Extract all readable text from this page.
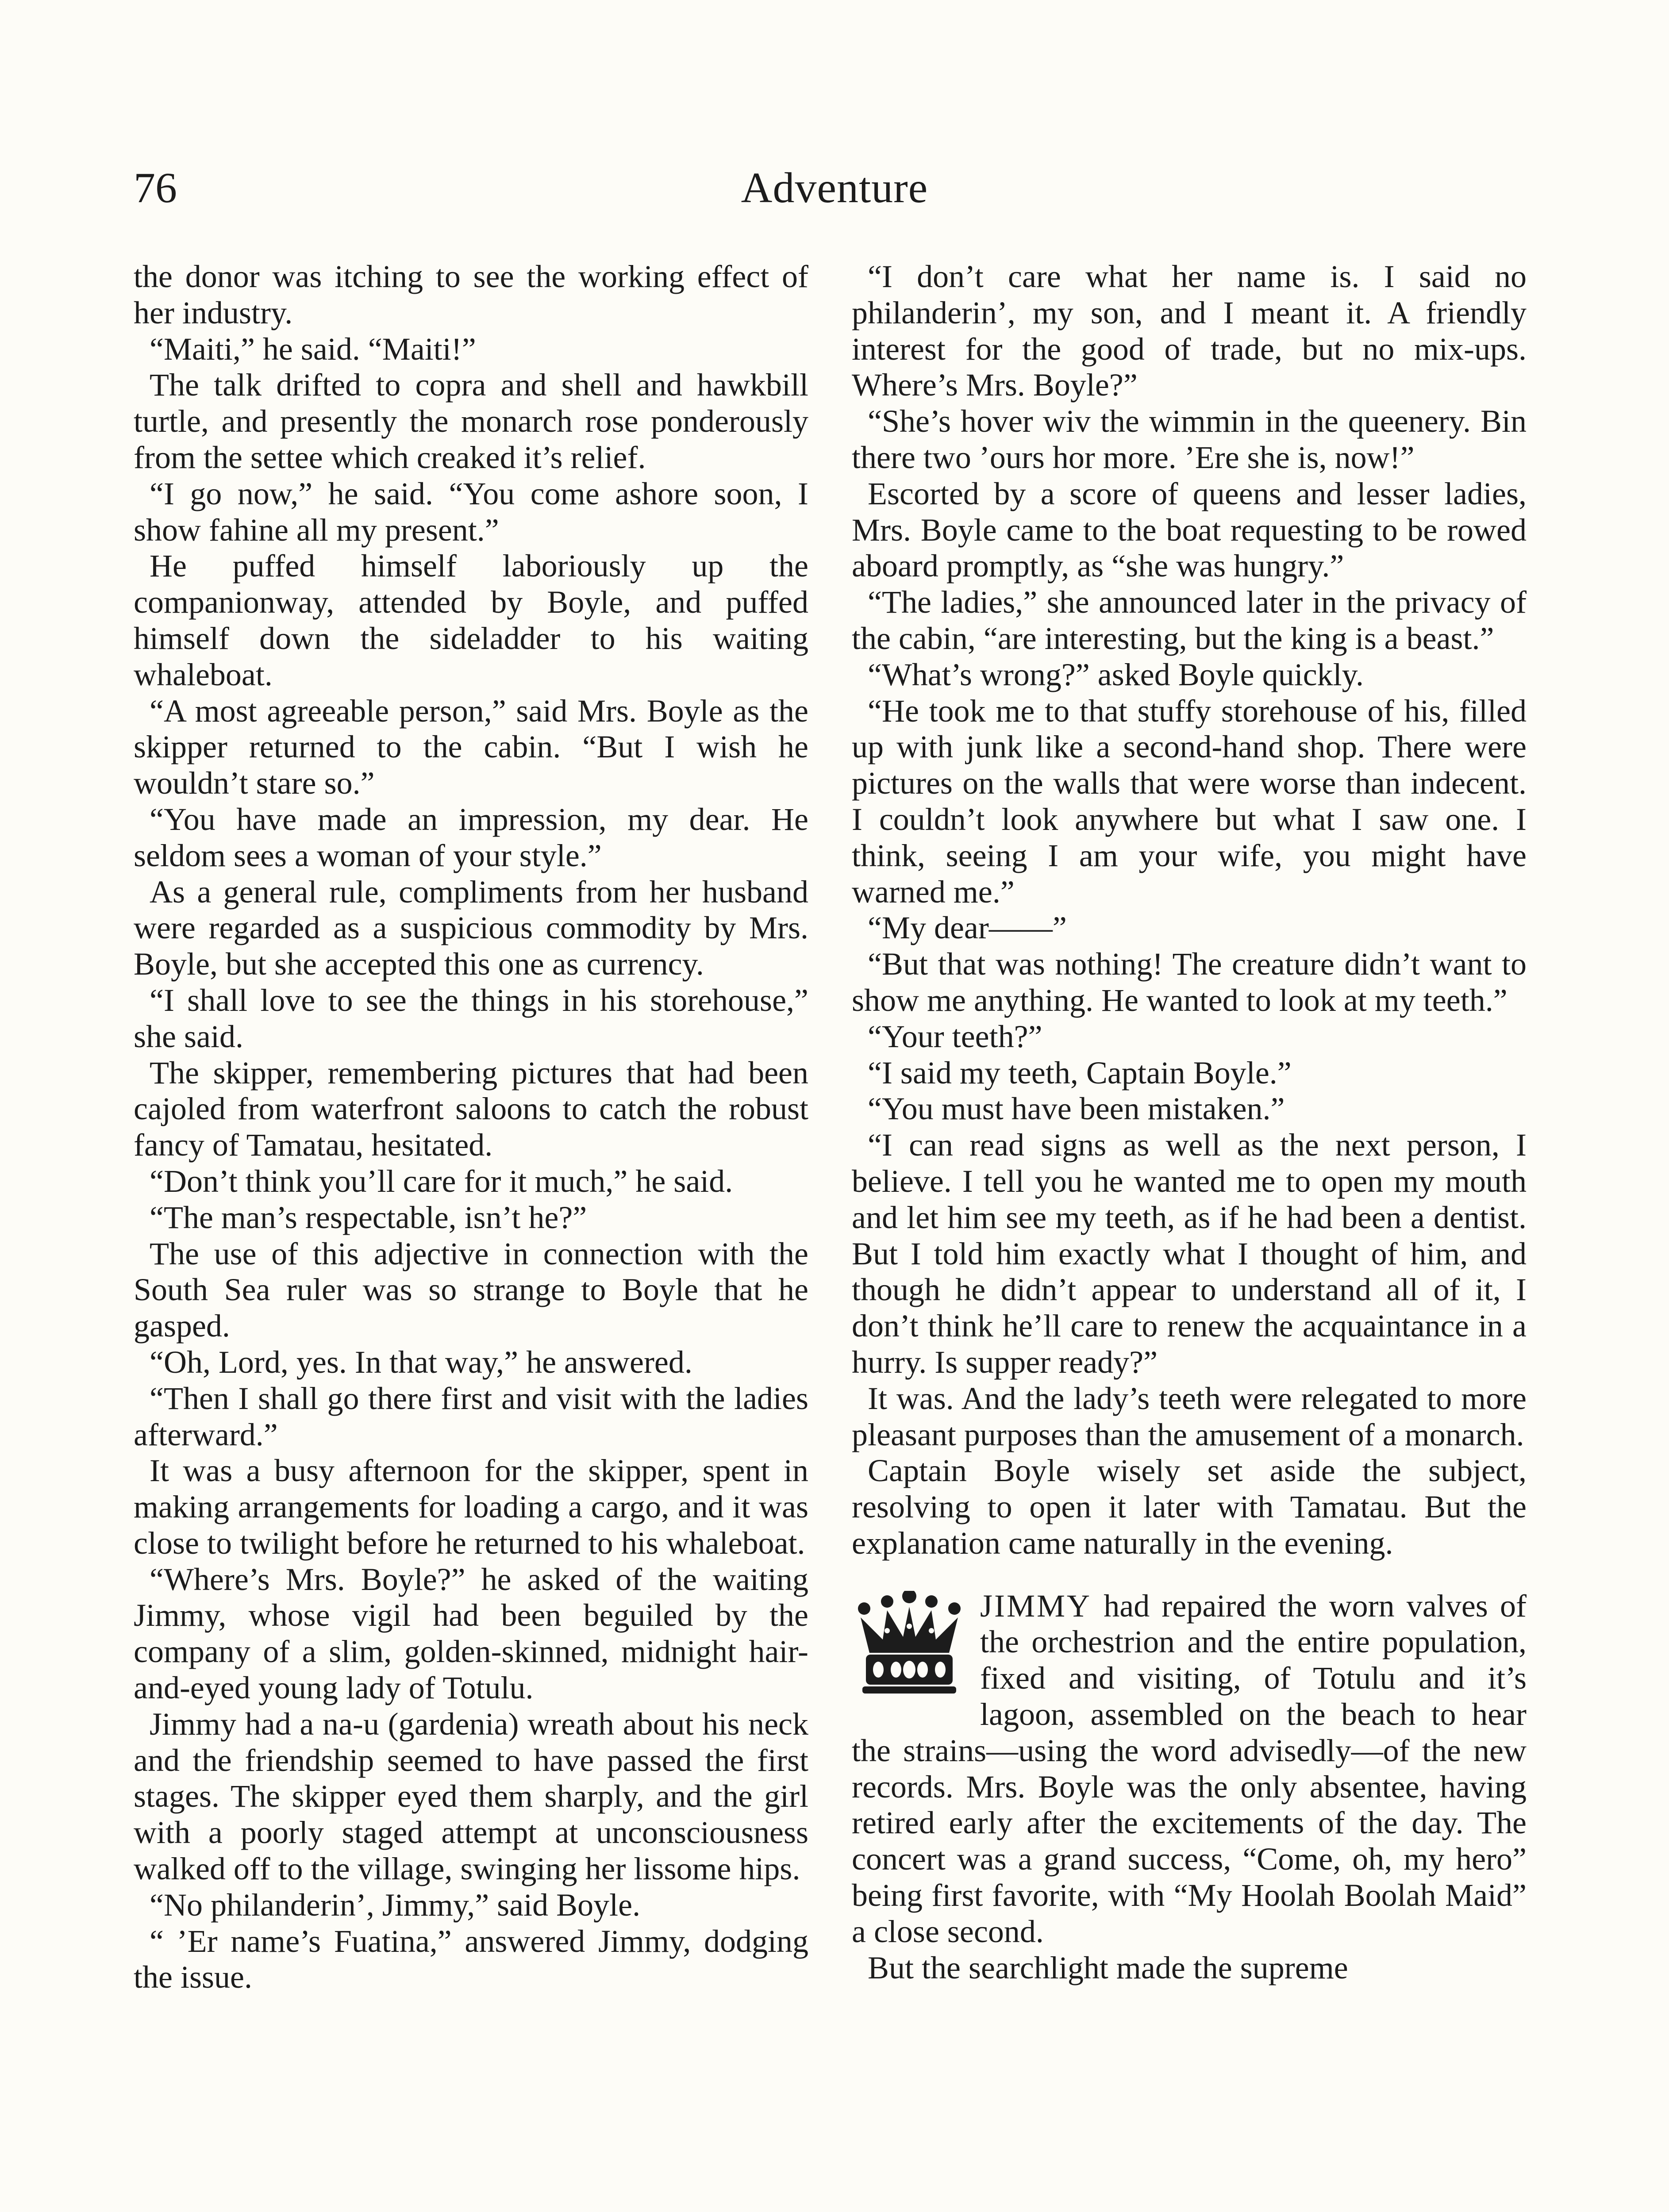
76	Adventure

the donor was itching to see the working effect of her industry.

“Maiti,” he said. “Maiti!”

The talk drifted to copra and shell and hawkbill turtle, and presently the monarch rose ponderously from the settee which creaked it’s relief.

“I go now,” he said. “You come ashore soon, I show fahine all my present.”

He puffed himself laboriously up the companionway, attended by Boyle, and puffed himself down the sideladder to his waiting whaleboat.

“A most agreeable person,” said Mrs. Boyle as the skipper returned to the cabin. “But I wish he wouldn’t stare so.”

“You have made an impression, my dear. He seldom sees a woman of your style.”

As a general rule, compliments from her husband were regarded as a suspicious commodity by Mrs. Boyle, but she accepted this one as currency.

“I shall love to see the things in his storehouse,” she said.

The skipper, remembering pictures that had been cajoled from waterfront saloons to catch the robust fancy of Tamatau, hesitated.

“Don’t think you’ll care for it much,” he said.

“The man’s respectable, isn’t he?”

The use of this adjective in connection with the South Sea ruler was so strange to Boyle that he gasped.

“Oh, Lord, yes. In that way,” he answered.

“Then I shall go there first and visit with the ladies afterward.”

It was a busy afternoon for the skipper, spent in making arrangements for loading a cargo, and it was close to twilight before he returned to his whaleboat.

“Where’s Mrs. Boyle?” he asked of the waiting Jimmy, whose vigil had been beguiled by the company of a slim, golden-skinned, midnight hair-and-eyed young lady of Totulu.

Jimmy had a na-u (gardenia) wreath about his neck and the friendship seemed to have passed the first stages. The skipper eyed them sharply, and the girl with a poorly staged attempt at unconsciousness walked off to the village, swinging her lissome hips.

“No philanderin’, Jimmy,” said Boyle.

“ ’Er name’s Fuatina,” answered Jimmy, dodging the issue.

“I don’t care what her name is. I said no philanderin’, my son, and I meant it. A friendly interest for the good of trade, but no mix-ups. Where’s Mrs. Boyle?”

“She’s hover wiv the wimmin in the queenery. Bin there two ’ours hor more. ’Ere she is, now!”

Escorted by a score of queens and lesser ladies, Mrs. Boyle came to the boat requesting to be rowed aboard promptly, as “she was hungry.”

“The ladies,” she announced later in the privacy of the cabin, “are interesting, but the king is a beast.”

“What’s wrong?” asked Boyle quickly.

“He took me to that stuffy storehouse of his, filled up with junk like a second-hand shop. There were pictures on the walls that were worse than indecent. I couldn’t look anywhere but what I saw one. I think, seeing I am your wife, you might have warned me.”

“My dear——”

“But that was nothing! The creature didn’t want to show me anything. He wanted to look at my teeth.”

“Your teeth?”

“I said my teeth, Captain Boyle.”

“You must have been mistaken.”

“I can read signs as well as the next person, I believe. I tell you he wanted me to open my mouth and let him see my teeth, as if he had been a dentist. But I told him exactly what I thought of him, and though he didn’t appear to understand all of it, I don’t think he’ll care to renew the acquaintance in a hurry. Is supper ready?”

It was. And the lady’s teeth were relegated to more pleasant purposes than the amusement of a monarch.

Captain Boyle wisely set aside the subject, resolving to open it later with Tamatau. But the explanation came naturally in the evening.

JIMMY had repaired the worn valves of the orchestrion and the entire population, fixed and visiting, of Totulu and it’s lagoon, assembled on the beach to hear the strains—using the word advisedly—of the new records. Mrs. Boyle was the only absentee, having retired early after the excitements of the day. The concert was a grand success, “Come, oh, my hero” being first favorite, with “My Hoolah Boolah Maid” a close second.

But the searchlight made the supreme
